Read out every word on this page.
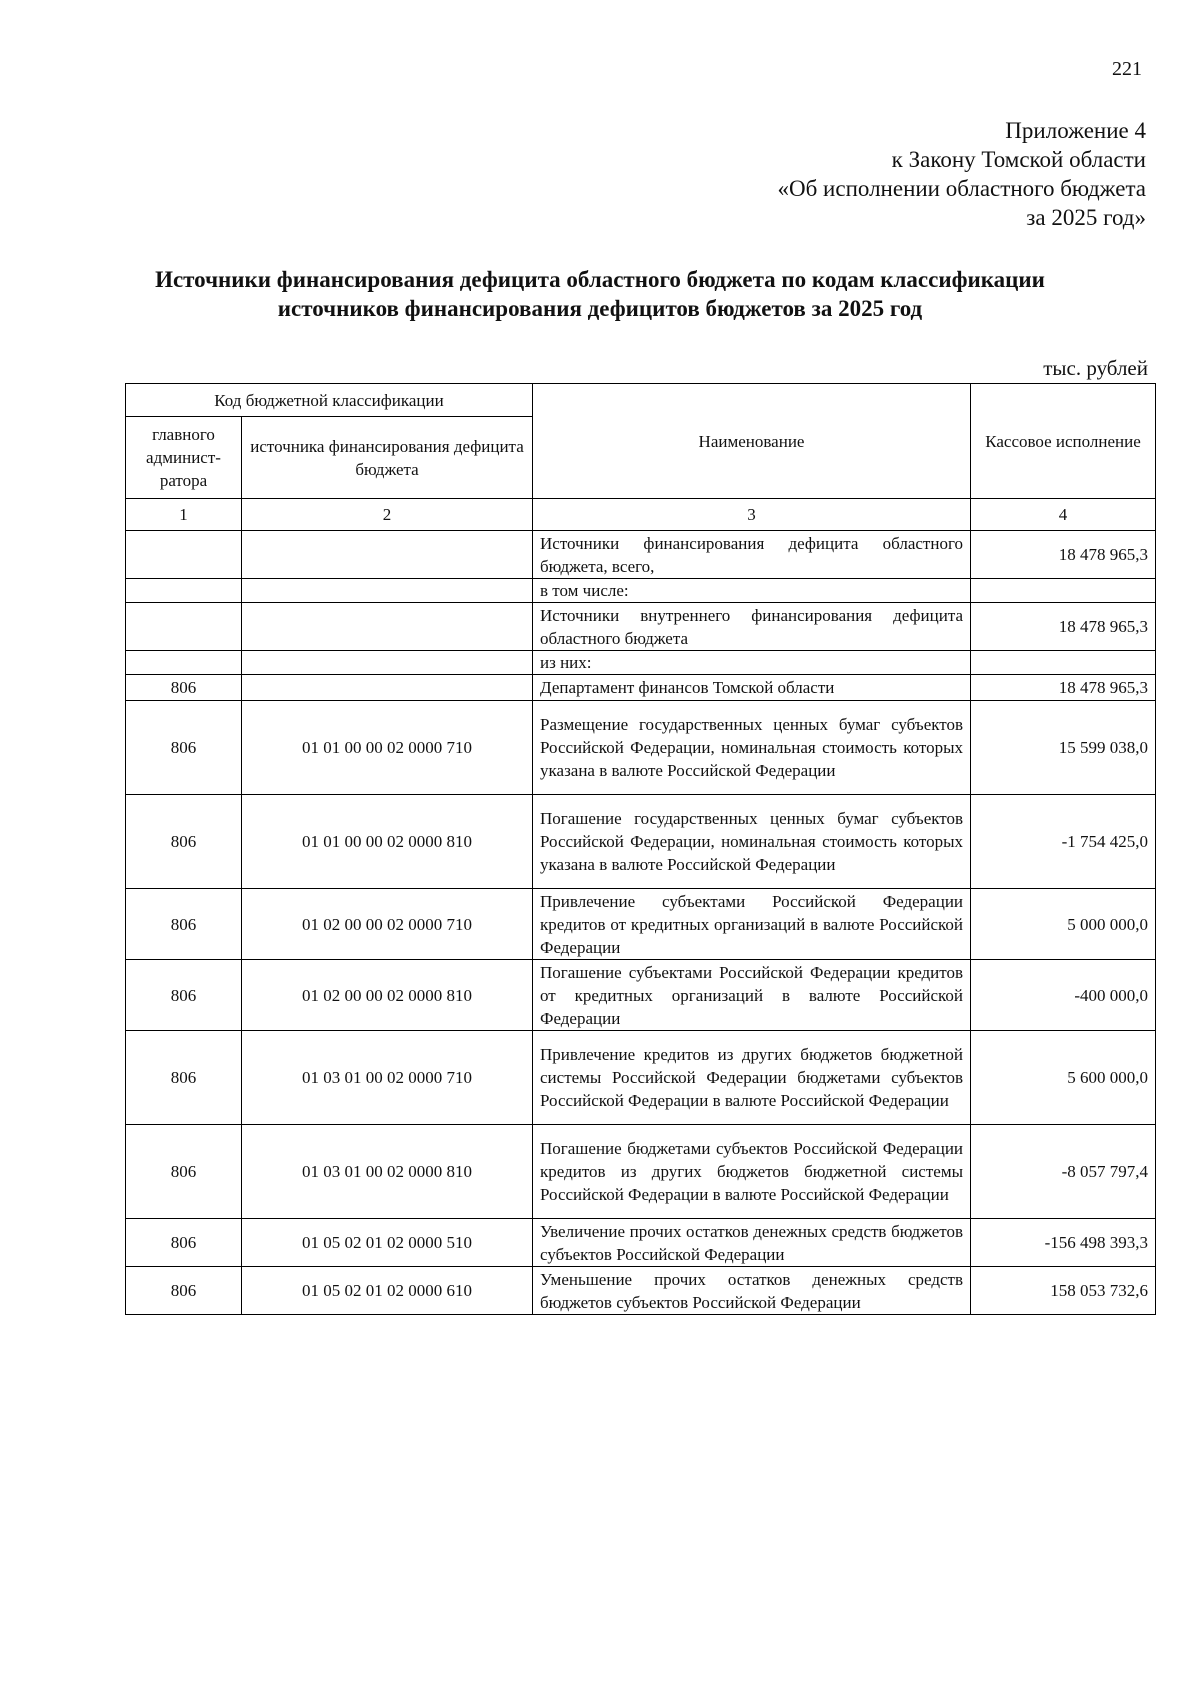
221
Приложение 4
к Закону Томской области
«Об исполнении областного бюджета
за 2025 год»
Источники финансирования дефицита областного бюджета по кодам классификации
источников финансирования дефицитов бюджетов за 2025 год
тыс. рублей
Код бюджетной классификации		Наименование	Кассовое исполнение
главного админист-ратора	источника финансирования дефицита бюджета		
1	2	3	4
		Источники финансирования дефицита областного бюджета, всего,	18 478 965,3
		в том числе:	
		Источники внутреннего финансирования дефицита областного бюджета	18 478 965,3
		из них:	
806		Департамент финансов Томской области	18 478 965,3
806	01 01 00 00 02 0000 710	Размещение государственных ценных бумаг субъектов Российской Федерации, номинальная стоимость которых указана в валюте Российской Федерации	15 599 038,0
806	01 01 00 00 02 0000 810	Погашение государственных ценных бумаг субъектов Российской Федерации, номинальная стоимость которых указана в валюте Российской Федерации	-1 754 425,0
806	01 02 00 00 02 0000 710	Привлечение субъектами Российской Федерации кредитов от кредитных организаций в валюте Российской Федерации	5 000 000,0
806	01 02 00 00 02 0000 810	Погашение субъектами Российской Федерации кредитов от кредитных организаций в валюте Российской Федерации	-400 000,0
806	01 03 01 00 02 0000 710	Привлечение кредитов из других бюджетов бюджетной системы Российской Федерации бюджетами субъектов Российской Федерации в валюте Российской Федерации	5 600 000,0
806	01 03 01 00 02 0000 810	Погашение бюджетами субъектов Российской Федерации кредитов из других бюджетов бюджетной системы Российской Федерации в валюте Российской Федерации	-8 057 797,4
806	01 05 02 01 02 0000 510	Увеличение прочих остатков денежных средств бюджетов субъектов Российской Федерации	-156 498 393,3
806	01 05 02 01 02 0000 610	Уменьшение прочих остатков денежных средств бюджетов субъектов Российской Федерации	158 053 732,6
